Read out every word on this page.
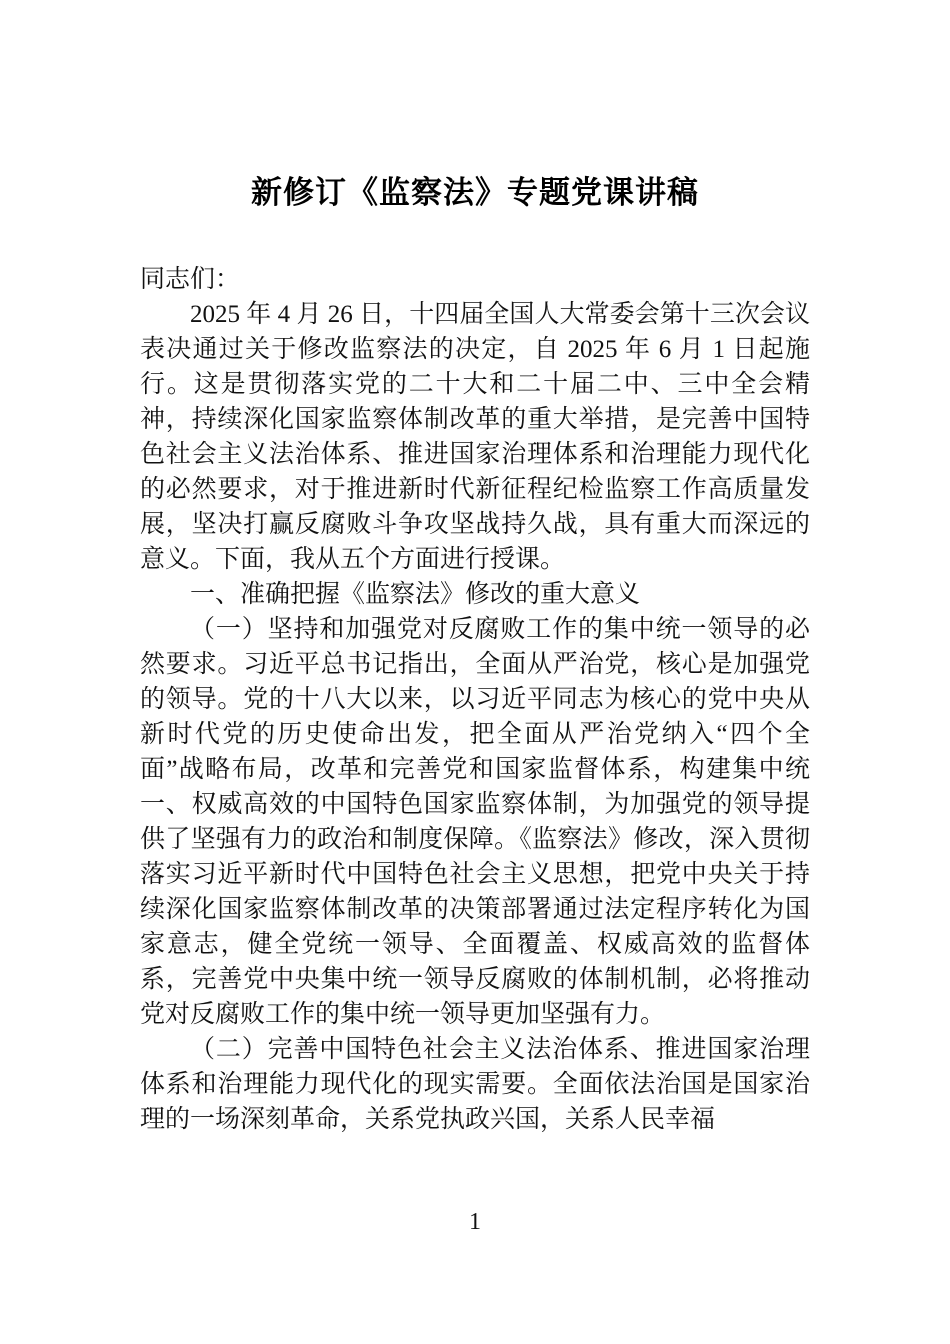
新修订《监察法》专题党课讲稿

同志们：

2025 年 4 月 26 日，十四届全国人大常委会第十三次会议表决通过关于修改监察法的决定，自 2025 年 6 月 1 日起施行。这是贯彻落实党的二十大和二十届二中、三中全会精神，持续深化国家监察体制改革的重大举措，是完善中国特色社会主义法治体系、推进国家治理体系和治理能力现代化的必然要求，对于推进新时代新征程纪检监察工作高质量发展，坚决打赢反腐败斗争攻坚战持久战，具有重大而深远的意义。下面，我从五个方面进行授课。

一、准确把握《监察法》修改的重大意义

（一）坚持和加强党对反腐败工作的集中统一领导的必然要求。习近平总书记指出，全面从严治党，核心是加强党的领导。党的十八大以来，以习近平同志为核心的党中央从新时代党的历史使命出发，把全面从严治党纳入“四个全面”战略布局，改革和完善党和国家监督体系，构建集中统一、权威高效的中国特色国家监察体制，为加强党的领导提供了坚强有力的政治和制度保障。《监察法》修改，深入贯彻落实习近平新时代中国特色社会主义思想，把党中央关于持续深化国家监察体制改革的决策部署通过法定程序转化为国家意志，健全党统一领导、全面覆盖、权威高效的监督体系，完善党中央集中统一领导反腐败的体制机制，必将推动党对反腐败工作的集中统一领导更加坚强有力。

（二）完善中国特色社会主义法治体系、推进国家治理体系和治理能力现代化的现实需要。全面依法治国是国家治理的一场深刻革命，关系党执政兴国，关系人民幸福

1
